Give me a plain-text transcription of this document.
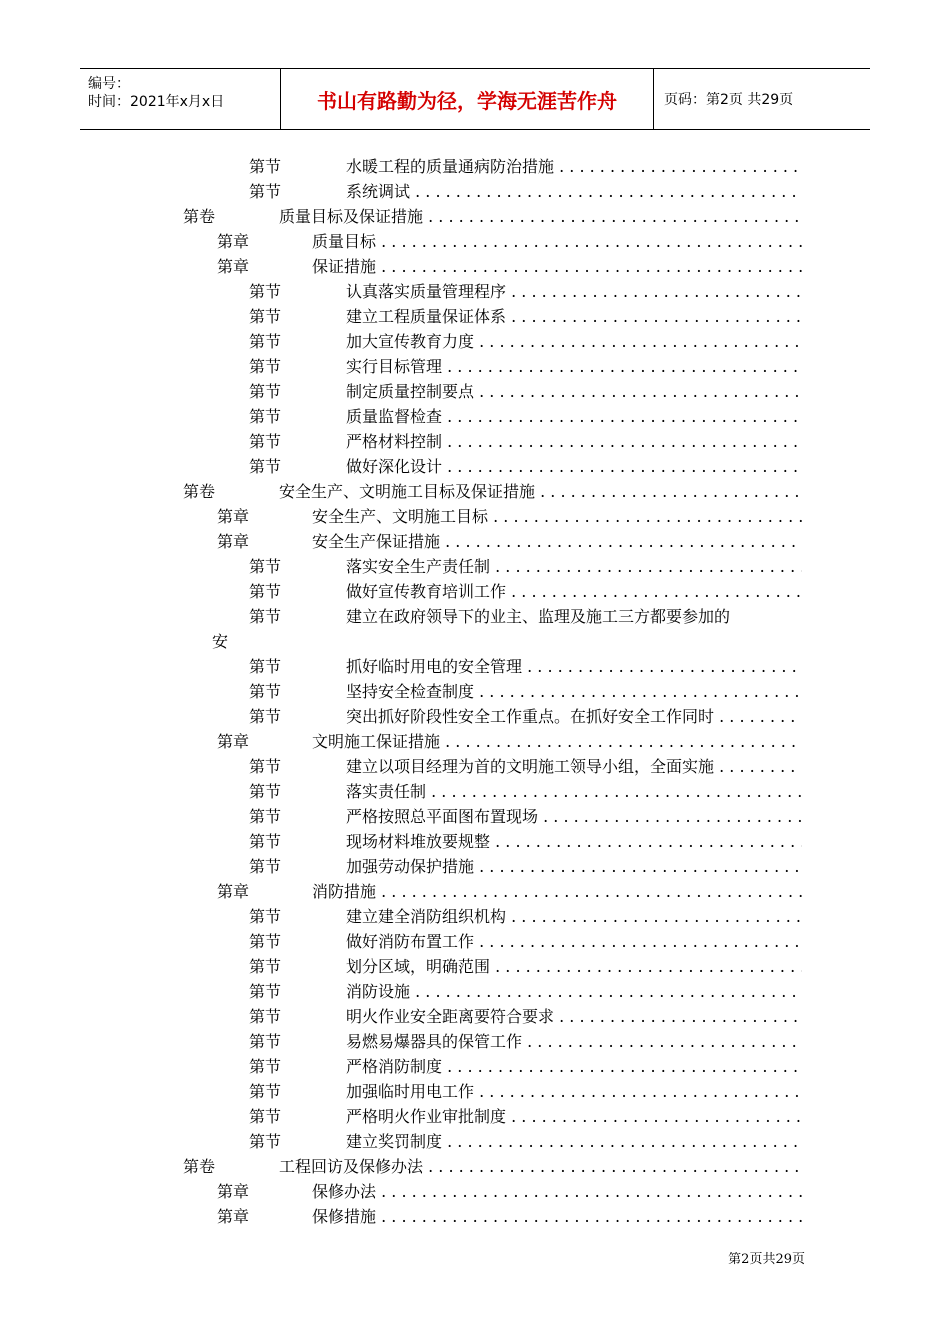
编号：
时间：2021年x月x日	书山有路勤为径，学海无涯苦作舟	页码：第2页 共29页
第节	水暖工程的质量通病防治措施 . . .
第节	系统调试 . . .
第卷	质量目标及保证措施 . . .
第章	质量目标 . . .
第章	保证措施 . . .
第节	认真落实质量管理程序 . . .
第节	建立工程质量保证体系 . . .
第节	加大宣传教育力度 . . .
第节	实行目标管理 . . .
第节	制定质量控制要点 . . .
第节	质量监督检查 . . .
第节	严格材料控制 . . .
第节	做好深化设计 . . .
第卷	安全生产、文明施工目标及保证措施 . . .
第章	安全生产、文明施工目标 . . .
第章	安全生产保证措施 . . .
第节	落实安全生产责任制 . . .
第节	做好宣传教育培训工作 . . .
第节	建立在政府领导下的业主、监理及施工三方都要参加的
安
第节	抓好临时用电的安全管理 . . .
第节	坚持安全检查制度 . . .
第节	突出抓好阶段性安全工作重点。在抓好安全工作同时 . . .
第章	文明施工保证措施 . . .
第节	建立以项目经理为首的文明施工领导小组，全面实施 . . .
第节	落实责任制 . . .
第节	严格按照总平面图布置现场 . . .
第节	现场材料堆放要规整 . . .
第节	加强劳动保护措施 . . .
第章	消防措施 . . .
第节	建立建全消防组织机构 . . .
第节	做好消防布置工作 . . .
第节	划分区域，明确范围 . . .
第节	消防设施 . . .
第节	明火作业安全距离要符合要求 . . .
第节	易燃易爆器具的保管工作 . . .
第节	严格消防制度 . . .
第节	加强临时用电工作 . . .
第节	严格明火作业审批制度 . . .
第节	建立奖罚制度 . . .
第卷	工程回访及保修办法 . . .
第章	保修办法 . . .
第章	保修措施 . . .
第2页共29页
